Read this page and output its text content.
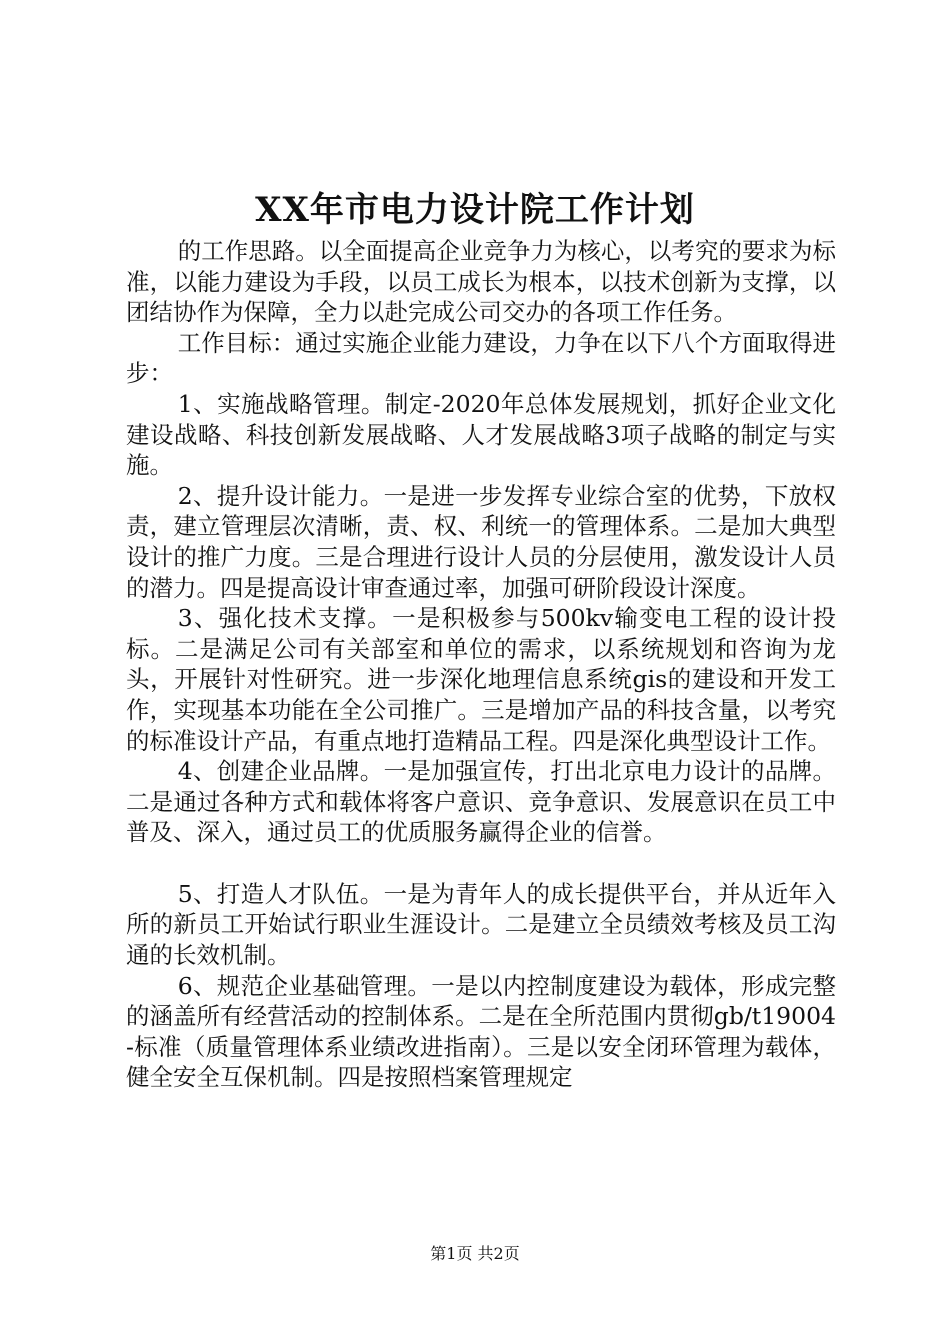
XX年市电力设计院工作计划

的工作思路。以全面提高企业竞争力为核心，以考究的要求为标准，以能力建设为手段，以员工成长为根本，以技术创新为支撑，以团结协作为保障，全力以赴完成公司交办的各项工作任务。

工作目标：通过实施企业能力建设，力争在以下八个方面取得进步：

1、实施战略管理。制定-2020年总体发展规划，抓好企业文化建设战略、科技创新发展战略、人才发展战略3项子战略的制定与实施。

2、提升设计能力。一是进一步发挥专业综合室的优势，下放权责，建立管理层次清晰，责、权、利统一的管理体系。二是加大典型设计的推广力度。三是合理进行设计人员的分层使用，激发设计人员的潜力。四是提高设计审查通过率，加强可研阶段设计深度。

3、强化技术支撑。一是积极参与500kv输变电工程的设计投标。二是满足公司有关部室和单位的需求，以系统规划和咨询为龙头，开展针对性研究。进一步深化地理信息系统gis的建设和开发工作，实现基本功能在全公司推广。三是增加产品的科技含量，以考究的标准设计产品，有重点地打造精品工程。四是深化典型设计工作。

4、创建企业品牌。一是加强宣传，打出北京电力设计的品牌。二是通过各种方式和载体将客户意识、竞争意识、发展意识在员工中普及、深入，通过员工的优质服务赢得企业的信誉。

5、打造人才队伍。一是为青年人的成长提供平台，并从近年入所的新员工开始试行职业生涯设计。二是建立全员绩效考核及员工沟通的长效机制。

6、规范企业基础管理。一是以内控制度建设为载体，形成完整的涵盖所有经营活动的控制体系。二是在全所范围内贯彻gb/t19004-标准（质量管理体系业绩改进指南）。三是以安全闭环管理为载体，健全安全互保机制。四是按照档案管理规定

第1页 共2页
